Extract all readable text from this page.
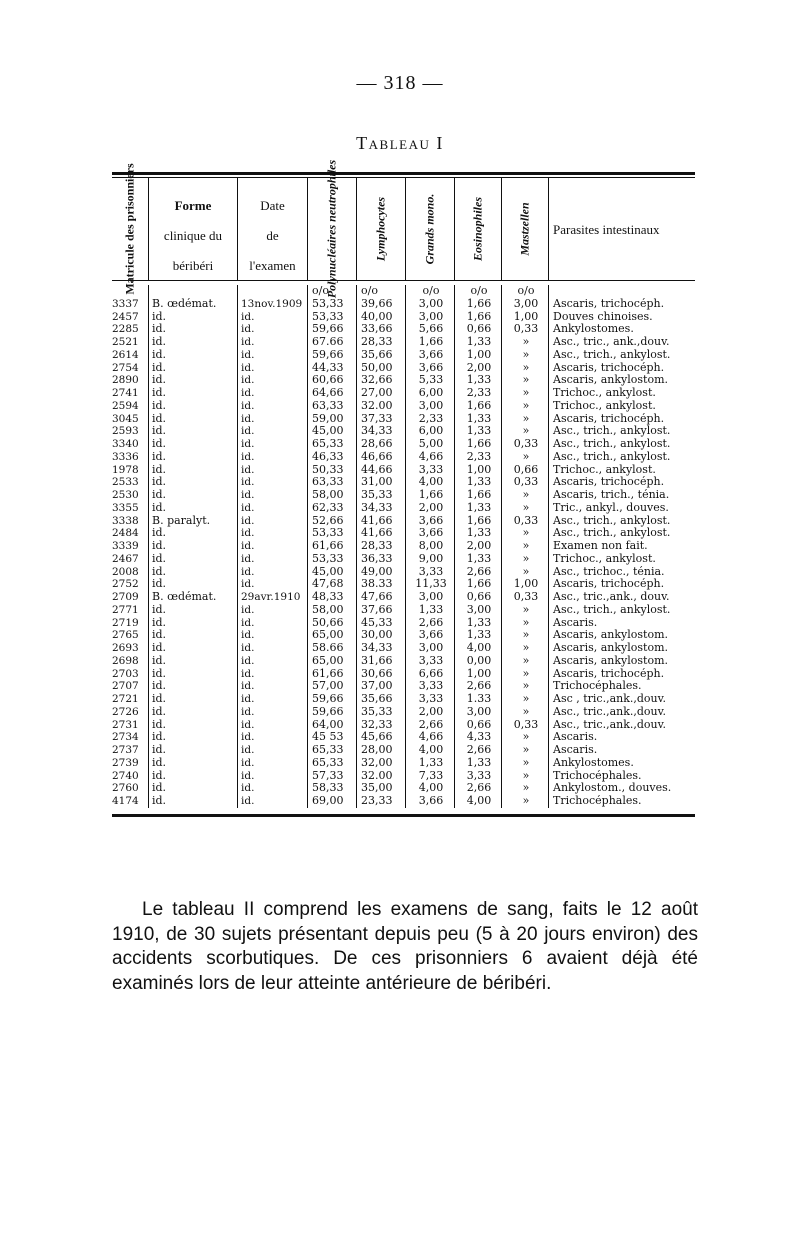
— 318 —
Tableau I
Matricule des prisonniers	Forme
clinique du
béribéri
Date
de
l'examen	Polynucléaires neutrophiles	Lymphocytes	Grands mono.	Eosinophiles	Mastzellen	Parasites intestinaux
o/o	o/o	o/o	o/o	o/o
3337	B. œdémat.	13nov.1909 53,33	39,66	3,00	1,66	3,00	Ascaris, trichocéph.
2457	id.	id.	53,33	40,00	3,00	1,66	1,00	Douves chinoises.
2285	id.	id.	59,66	33,66	5,66	0,66	0,33	Ankylostomes.
2521	id.	id.	67.66	28,33	1,66	1,33	»	Asc., tric., ank.,douv.
2614	id.	id.	59,66	35,66	3,66	1,00	»	Asc., trich., ankylost.
2754	id.	id.	44,33	50,00	3,66	2,00	»	Ascaris, trichocéph.
2890	id.	id.	60,66	32,66	5,33	1,33	»	Ascaris, ankylostom.
2741	id.	id.	64,66	27,00	6,00	2,33	»	Trichoc., ankylost.
2594	id.	id.	63,33	32.00	3,00	1,66	»	Trichoc., ankylost.
3045	id.	id.	59,00	37,33	2,33	1,33	»	Ascaris, trichocéph.
2593	id.	id.	45,00	34,33	6,00	1,33	»	Asc., trich., ankylost.
3340	id.	id.	65,33	28,66	5,00	1,66	0,33	Asc., trich., ankylost.
3336	id.	id.	46,33	46,66	4,66	2,33	»	Asc., trich., ankylost.
1978	id.	id.	50,33	44,66	3,33	1,00	0,66	Trichoc., ankylost.
2533	id.	id.	63,33	31,00	4,00	1,33	0,33	Ascaris, trichocéph.
2530	id.	id.	58,00	35,33	1,66	1,66	»	Ascaris, trich., ténia.
3355	id.	id.	62,33	34,33	2,00	1,33	»	Tric., ankyl., douves.
3338	B. paralyt.	id.	52,66	41,66	3,66	1,66	0,33	Asc., trich., ankylost.
2484	id.	id.	53,33	41,66	3,66	1,33	»	Asc., trich., ankylost.
3339	id.	id.	61,66	28,33	8,00	2,00	»	Examen non fait.
2467	id.	id.	53,33	36,33	9,00	1,33	»	Trichoc., ankylost.
2008	id.	id.	45,00	49,00	3,33	2,66	»	Asc., trichoc., ténia.
2752	id.	id.	47,68	38.33	11,33	1,66	1,00	Ascaris, trichocéph.
2709	B. œdémat.	29avr.1910	48,33	47,66	3,00	0,66	0,33	Asc., tric.,ank., douv.
2771	id.	id.	58,00	37,66	1,33	3,00	»	Asc., trich., ankylost.
2719	id.	id.	50,66	45,33	2,66	1,33	»	Ascaris.
2765	id.	id.	65,00	30,00	3,66	1,33	»	Ascaris, ankylostom.
2693	id.	id.	58.66	34,33	3,00	4,00	»	Ascaris, ankylostom.
2698	id.	id.	65,00	31,66	3,33	0,00	»	Ascaris, ankylostom.
2703	id.	id.	61,66	30,66	6,66	1,00	»	Ascaris, trichocéph.
2707	id.	id.	57,00	37,00	3,33	2,66	»	Trichocéphales.
2721	id.	id.	59,66	35,66	3,33	1.33	»	Asc , tric.,ank.,douv.
2726	id.	id.	59,66	35,33	2,00	3,00	»	Asc., tric.,ank.,douv.
2731	id.	id.	64,00	32,33	2,66	0,66	0,33	Asc., tric.,ank.,douv.
2734	id.	id.	45 53	45,66	4,66	4,33	»	Ascaris.
2737	id.	id.	65,33	28,00	4,00	2,66	»	Ascaris.
2739	id.	id.	65,33	32,00	1,33	1,33	»	Ankylostomes.
2740	id.	id.	57,33	32.00	7,33	3,33	»	Trichocéphales.
2760	id.	id.	58,33	35,00	4,00	2,66	»	Ankylostom., douves.
4174	id.	id.	69,00	23,33	3,66	4,00	»	Trichocéphales.

Le tableau II comprend les examens de sang, faits le 12 août 1910, de 30 sujets présentant depuis peu (5 à 20 jours environ) des accidents scorbutiques. De ces prisonniers 6 avaient déjà été examinés lors de leur atteinte antérieure de béribéri.
